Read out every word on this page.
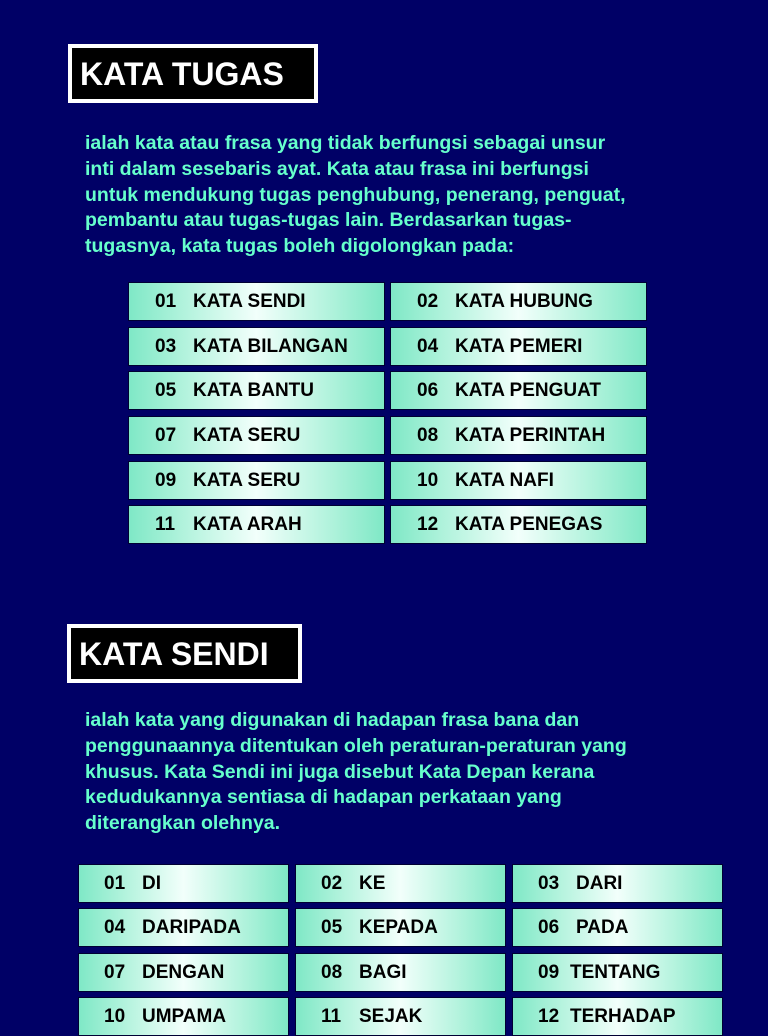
KATA TUGAS

ialah kata atau frasa yang tidak berfungsi sebagai unsur
inti dalam sesebaris ayat. Kata atau frasa ini berfungsi
untuk mendukung tugas penghubung, penerang, penguat,
pembantu atau tugas-tugas lain. Berdasarkan tugas-
tugasnya, kata tugas boleh digolongkan pada:

01 KATA SENDI	02 KATA HUBUNG
03 KATA BILANGAN	04 KATA PEMERI
05 KATA BANTU	06 KATA PENGUAT
07 KATA SERU	08 KATA PERINTAH
09 KATA SERU	10 KATA NAFI
11 KATA ARAH	12 KATA PENEGAS
KATA SENDI

ialah kata yang digunakan di hadapan frasa bana dan
penggunaannya ditentukan oleh peraturan-peraturan yang
khusus. Kata Sendi ini juga disebut Kata Depan kerana
kedudukannya sentiasa di hadapan perkataan yang
diterangkan olehnya.

01 DI	02 KE	03 DARI
04 DARIPADA	05 KEPADA	06 PADA
07 DENGAN	08 BAGI	09 TENTANG
10 UMPAMA	11 SEJAK	12 TERHADAP
